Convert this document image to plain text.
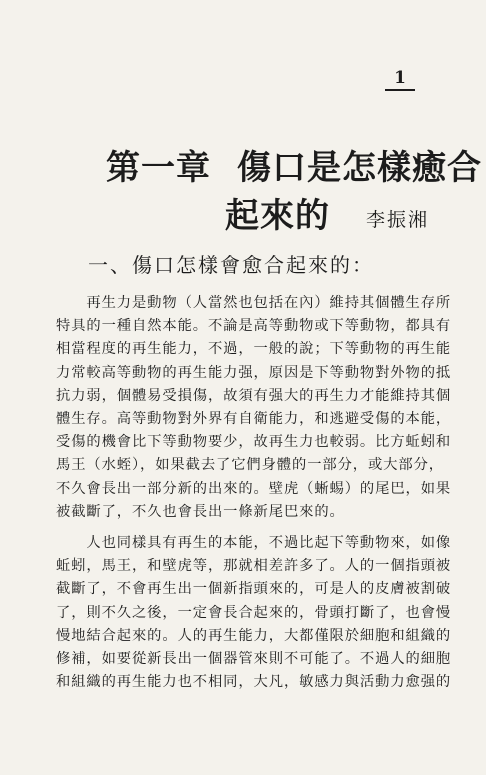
1
第一章 傷口是怎樣癒合
起來的 李振湘
一、傷口怎樣會愈合起來的：
　　再生力是動物（人當然也包括在內）維持其個體生存所
特具的一種自然本能。不論是高等動物或下等動物，都具有
相當程度的再生能力，不過，一般的說；下等動物的再生能
力常較高等動物的再生能力强，原因是下等動物對外物的抵
抗力弱，個體易受損傷，故須有强大的再生力才能維持其個
體生存。高等動物對外界有自衛能力，和逃避受傷的本能，
受傷的機會比下等動物要少，故再生力也較弱。比方蚯蚓和
馬王（水蛭），如果截去了它們身體的一部分，或大部分，
不久會長出一部分新的出來的。壁虎（蜥蜴）的尾巴，如果
被截斷了，不久也會長出一條新尾巴來的。
　　人也同樣具有再生的本能，不過比起下等動物來，如像
蚯蚓，馬王，和壁虎等，那就相差許多了。人的一個指頭被
截斷了，不會再生出一個新指頭來的，可是人的皮膚被割破
了，則不久之後，一定會長合起來的，骨頭打斷了，也會慢
慢地結合起來的。人的再生能力，大都僅限於細胞和組織的
修補，如要從新長出一個器管來則不可能了。不過人的細胞
和組織的再生能力也不相同，大凡，敏感力與活動力愈强的
